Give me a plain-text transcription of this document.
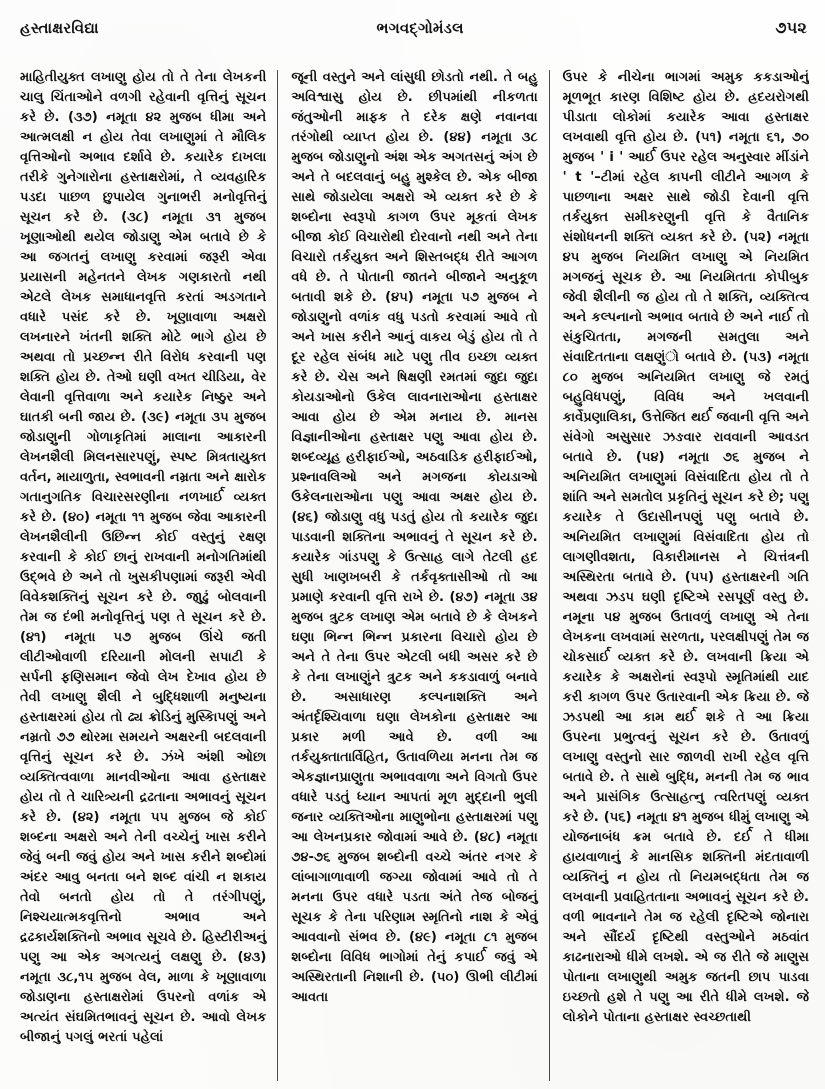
હસ્તાક્ષરવિદ્યા	ભગવદ્ગોમંડલ	૭૫૨

માહિતીયુક્ત લખાણુ હોય તો તે તેના લેખકની ચાલુ ચિંતાઓને વળગી રહેવાની વૃત્તિનું સૂચન કરે છે. (૩૭) નમૂતા ૪૨ મુજબ ધીમા અને આત્મલક્ષી ન હોય તેવા લખાણુમાં તે મૌલિક વૃત્તિઓનો અભાવ દર્શાવે છે. કયારેક દાખલા તરીકે ગુનેગારોના હસ્તાક્ષરોમાં, તે વ્યવહારિક પડદા પાછળ છુપાયેલ ગુનાભરી મનોવૃત્તિનું સૂચન કરે છે. (૩૮) નમૂતા ૩૧ મુજબ ખૂણાઓથી થયેલ જોડાણુ એમ બતાવે છે કે આ જગતનું લખાણુ કરવામાં જરૂરી એવા પ્રયાસની મહેનતને લેખક ગણકારતો નથી એટલે લેખક સમાધાનવૃત્તિ કરતાં અડગતાને વધારે પસંદ કરે છે. ખૂણાવાળા અક્ષરો લખનારને ખંતની શક્તિ મોટે ભાગે હોય છે અથવા તો પ્રચ્છન્ન રીતે વિરોધ કરવાની પણ શક્તિ હોય છે. તેઓ ઘણી વખત ચીડિયા, વેર લેવાની વૃત્તિવાળા અને કયારેક નિષ્ઠુર અને ઘાતકી બની જાય છે. (૩૯) નમૂતા ૩૫ મુજબ જોડાણુની ગોળાકૃતિમાં માલાના આકારની લેખનશૈલી મિલનસારપણું, સ્પષ્ટ મિત્રતાયુક્ત વર્તન, માયાળુતા, સ્વભાવની નમ્રતા અને ક્ષારોક ગતાનુગતિક વિચારસરણીના નળખાર્ઈ વ્યક્ત કરે છે. (૪૦) નમૂતા ૧૧ મુજબ જેવા આકારની લેખનશૈલીની ઉછિન્ન કોઈ વસ્તુનું રક્ષણ કરવાની કે કોઈ છાનું રાખવાની મનોગતિમાંથી ઉદ્ભવે છે અને તો ખુસકીપણામાં જરૂરી એવી વિવેકશક્તિનું સૂચન કરે છે. જાુઢું બોલવાની તેમ જ દંભી મનોવૃત્તિનું પણ તે સૂચન કરે છે. (૪૧) નમૂતા ૫૭ મુજબ ઊંચે જતી લીટીઓવાળી દરિયાની મોલની સપાટી કે સર્પની ફણિસમાન જેવો લેખ દેખાવ હોય છે તેવી લખાણુ શૈલી ને બુદ્ધિશાળી મનુષ્યના હસ્તાક્ષરમાં હોય તો ઢ્ય ક્રોડિનું મુસ્કાિપણું અને નમ્રતો ૭૭ થોરમા સમયને અક્ષરની બદલવાની વૃત્તિનું સૂચન કરે છે. ઝંખે અંશી ઓછા વ્યક્તિત્વવાળા માનવીઓના આવા હસ્તાક્ષર હોય તો તે ચારિત્ર્યની દ્રઢતાના અભાવનું સૂચન કરે છે. (૪૨) નમૂતા ૫૫ મુજબ જે કોઈ શબ્દના અક્ષરો અને તેની વચ્ચેનું ખાસ કરીને જેવું બની જવું હોય અને ખાસ કરીને શબ્દોમાં અંદર આવુ બનતા બને શબ્દ વાંચી ન શકાય તેવો બનતો હોય તો તે તરંગીપણું, નિશ્ચયાત્મકવૃત્તિનો અભાવ અને દ્રઢકાર્યશક્તિનો અભાવ સૂચવે છે. હિસ્ટીરીઅનું પણુ આ એક અગત્યનું લક્ષણુ છે. (૪૩) નમૂતા ૩૮,૧૫ મુજબ વેલ, માળા કે ખૂણાવાળા જોડાણના હસ્તાક્ષરોમાં ઉપરનો વળાંક એ અત્યંત સંઘમિતભાવનું સૂચન છે. આવો લેખક બીજાનું પગલું ભરતાં પહેલાં

જૂની વસ્તુને અને લાંસુધી છોડતો નથી. તે બહુ અવિશ્વાસુ હોય છે. છીપમાંથી નીકળતા જંતુઓની માફક તે દરેક ક્ષણે નવાનવા તરંગોથી વ્યાપ્ત હોય છે. (૪૪) નમૂતા ૩૮ મુજબ જોડાણુનો અંશ એક અગતસનું અંગ છે અને તે બદલવાનું બહુ મુશ્કેલ છે. એક બીજા સાથે જોડાયેલા અક્ષરો એ વ્યક્ત કરે છે કે શબ્દોના સ્વરૂપો કાગળ ઉપર મૂકતાં લેખક બીજા કોઈ વિચારોથી દોરવાનો નથી અને તેના વિચારો તર્કયુક્ત અને શિસ્તબદ્ધ રીતે આગળ વધે છે. તે પોતાની જાતને બીજાને અનુકૂળ બતાવી શકે છે. (૪૫) નમૂતા ૫૭ મુજબ ને જોડાણુનો વળાંક વધુ પડતો કરવામાં આવે તો અને ખાસ કરીને આનું વાકય બેડું હોય તો તે દૂર રહેલ સંબંધ માટે પણુ તીવ ઇચ્છા વ્યક્ત કરે છે. ચેસ અને ષિક્ષણી રમતમાં જુદા જુદા કોયડાઓનો ઉકેલ લાવનારાઓના હસ્તાક્ષર આવા હોય છે એમ મનાય છે. માનસ વિજ્ઞાનીઓના હસ્તાક્ષર પણુ આવા હોય છે. શબ્દવ્યૂહ હરીફાઈઓ, અઠવાડિક હરીફાઈઓ, પ્રશ્નાવલિઓ અને મગજના કોયડાઓ ઉકેલનારાઓના પણુ આવા અક્ષર હોય છે. (૪૬) જોડાણુ વધુ પડતું હોય તો કયારેક જુદા પાડવાની શક્તિના અભાવનું તે સૂચન કરે છે. કયારેક ગાંડપણુ કે ઉત્સાહ લાગે તેટલી હદ સુધી ખાણખબરી કે તર્કવૃક્તાસીઓ તો આ પ્રમાણે કરવાની વૃત્તિ રાખે છે. (૪૭) નમૂતા ૩૪ મુજબ ત્રુટક લખાણ એમ બતાવે છે કે લેખકને ઘણા ભિન્ન ભિન્ન પ્રકારના વિચારો હોય છે અને તે તેના ઉપર એટલી બધી અસર કરે છે કે તેના લખાણુંને ત્રુટક અને કકડાવાળું બનાવે છે. અસાધારણ કલ્પનાશક્તિ અને અંતર્દૃશ્યિવાળા ઘણા લેખકોના હસ્તાક્ષર આ પ્રકાર મળી આવે છે. વળી આ તર્કયુક્તાતાર્વિહિત, ઉતાવળિયા મનના તેમ જ એકજ્ઞાનપ્રાણુતા અભાવવાળા અને વિગતો ઉપર વધારે પડતું ધ્યાન આપતાં મૂળ મુદ્દાની ભુલી જનાર વ્યક્તિઓના માણુભોના હસ્તાક્ષરમાં પણુ આ લેખનપ્રકાર જોવામાં આવે છે. (૪૮) નમૂતા ૭૪-૭૬ મુજબ શબ્દોની વચ્ચે અંતર નગર કે લાંબાગાળાવાળી જગ્યા જોવામાં આવે તો તે મનના ઉપર વધારે પડતા અંતે તેજ બોજનું સૂચક કે તેના પરિણામ સ્મૃતિનો નાશ કે એવું આવવાનો સંભવ છે. (૪૯) નમૂતા ૮૧ મુજબ શબ્દોના વિવિધ ભાગોમાં તેનું કપાર્ઈ જવું એ અસ્થિરતાની નિશાની છે. (૫૦) ઊભી લીટીમાં આવતા

ઉપર કે નીચેના ભાગમાં અમુક કકડાઓનું મૂળભૂત કારણ વિશિષ્ટ હોય છે. હ્રદયરોગથી પીડાતા લોકોમાં કયારેક આવા હસ્તાક્ષર લખવાથી વૃત્તિ હોય છે. (૫૧) નમૂતા ૬૧, ૭૦ મુજબ ' i ' આર્ઈ ઉપર રહેલ અનુસ્વાર મીંડાંને ' t '–ટીમાં રહેલ કાપની લીટીને આગળ કે પાછળાના અક્ષર સાથે જોડી દેવાની વૃત્તિ તર્કયુક્ત સમીકરણુની વૃત્તિ કે વૈતાનિક સંશોધનની શક્તિ વ્યક્ત કરે છે. (૫૨) નમૂતા ૪૫ મુજબ નિયમિત લખાણુ એ નિયમિત મગજનું સૂચક છે. આ નિયમિતતા કોપીબુક જેવી શૈલીની જ હોય તો તે શક્તિ, વ્યક્તિત્વ અને કલ્પનાનો અભાવ બતાવે છે અને નાર્ઈ તો સંકુચિતતા, મગજની સમતુલા અને સંવાદિતતાના લક્ષણુંો બતાવે છે. (૫૩) નમૂતા ૮૦ મુજબ અનિયમિત લખાણુ જે રમતું બહુવિધપણું, વિવિધ અને ખલવાની કાર્વેપ્રણાલિકા, ઉત્તેજિત થર્ઈ જવાની વૃત્તિ અને સંવેગો અસુસાર ઝઙવાર રાવવાની આવડત બતાવે છે. (૫૪) નમૂતા ૭૬ મુજબ ને અનિયમિત લખાણુમાં વિસંવાદિતા હોય તો તે શાંતિ અને સમતોલ પ્રકૃતિનું સૂચન કરે છે; પણુ કયારેક તે ઉદાસીનપણું પણુ બતાવે છે. અનિયમિત લખાણુમાં વિસંવાદિતા હોય તો લાગણીવશતા, વિકારીમાનસ ને ચિત્તંત્રની અસ્થિરતા બતાવે છે. (૫૫) હસ્તાક્ષરની ગતિ અથવા ઝડપ ઘણી દૃષ્ટિએ રસપૂર્ણ વસ્તુ છે. નમૂના ૫૪ મુજબ ઉતાવળું લખાણુ એ તેના લેખકના લખવામાં સરળતા, પરલક્ષીપણું તેમ જ ચોકસાર્ઈ વ્યક્ત કરે છે. લખવાની ક્રિયા એ કયારેક કે અક્ષરોનાં સ્વરૂપો સ્મૃતિમાંથી યાદ કરી કાગળ ઉપર ઉતારવાની એક ક્રિયા છે. જે ઝડપથી આ કામ થર્ઈ શકે તે આ ક્રિયા ઉપરના પ્રભુત્વનું સૂચન કરે છે. ઉતાવળું લખાણુ વસ્તુનો સાર જાળવી રાખી રહેલ વૃત્તિ બતાવે છે. તે સાથે બુદ્ધિ, મનની તેમ જ ભાવ અને પ્રાસંગિક ઉત્સાહત્નુ ત્વરિતપણું વ્યક્ત કરે છે. (૫૬) નમૂતા ૪૧ મુજબ ધીમું લખાણુ એ યોજનાબંધ ક્રમ બતાવે છે. દર્ઈ તે ધીમા હાયવાળાનું કે માનસિક શક્તિની મંદતાવાળી વ્યક્તિનું ન હોય તો નિયમબદ્ધતા તેમ જ લખવાની પ્રવાહિતતાના અભાવનું સૂચન કરે છે. વળી ભાવનાને તેમ જ રહેલી દૃષ્ટિએ જોનારા અને સૌંદર્ય દૃષ્ટિથી વસ્તુઓને મઠવાંત કાઢનારાઓ ધીમે લખશે. એ જ રીતે જે માણુસ પોતાના લખાણુથી અમુક જતની છાપ પાડવા ઇચ્છતો હશે તે પણુ આ રીતે ધીમે લખશે. જે લોકોને પોતાના હસ્તાક્ષર સ્વચ્છતાથી
